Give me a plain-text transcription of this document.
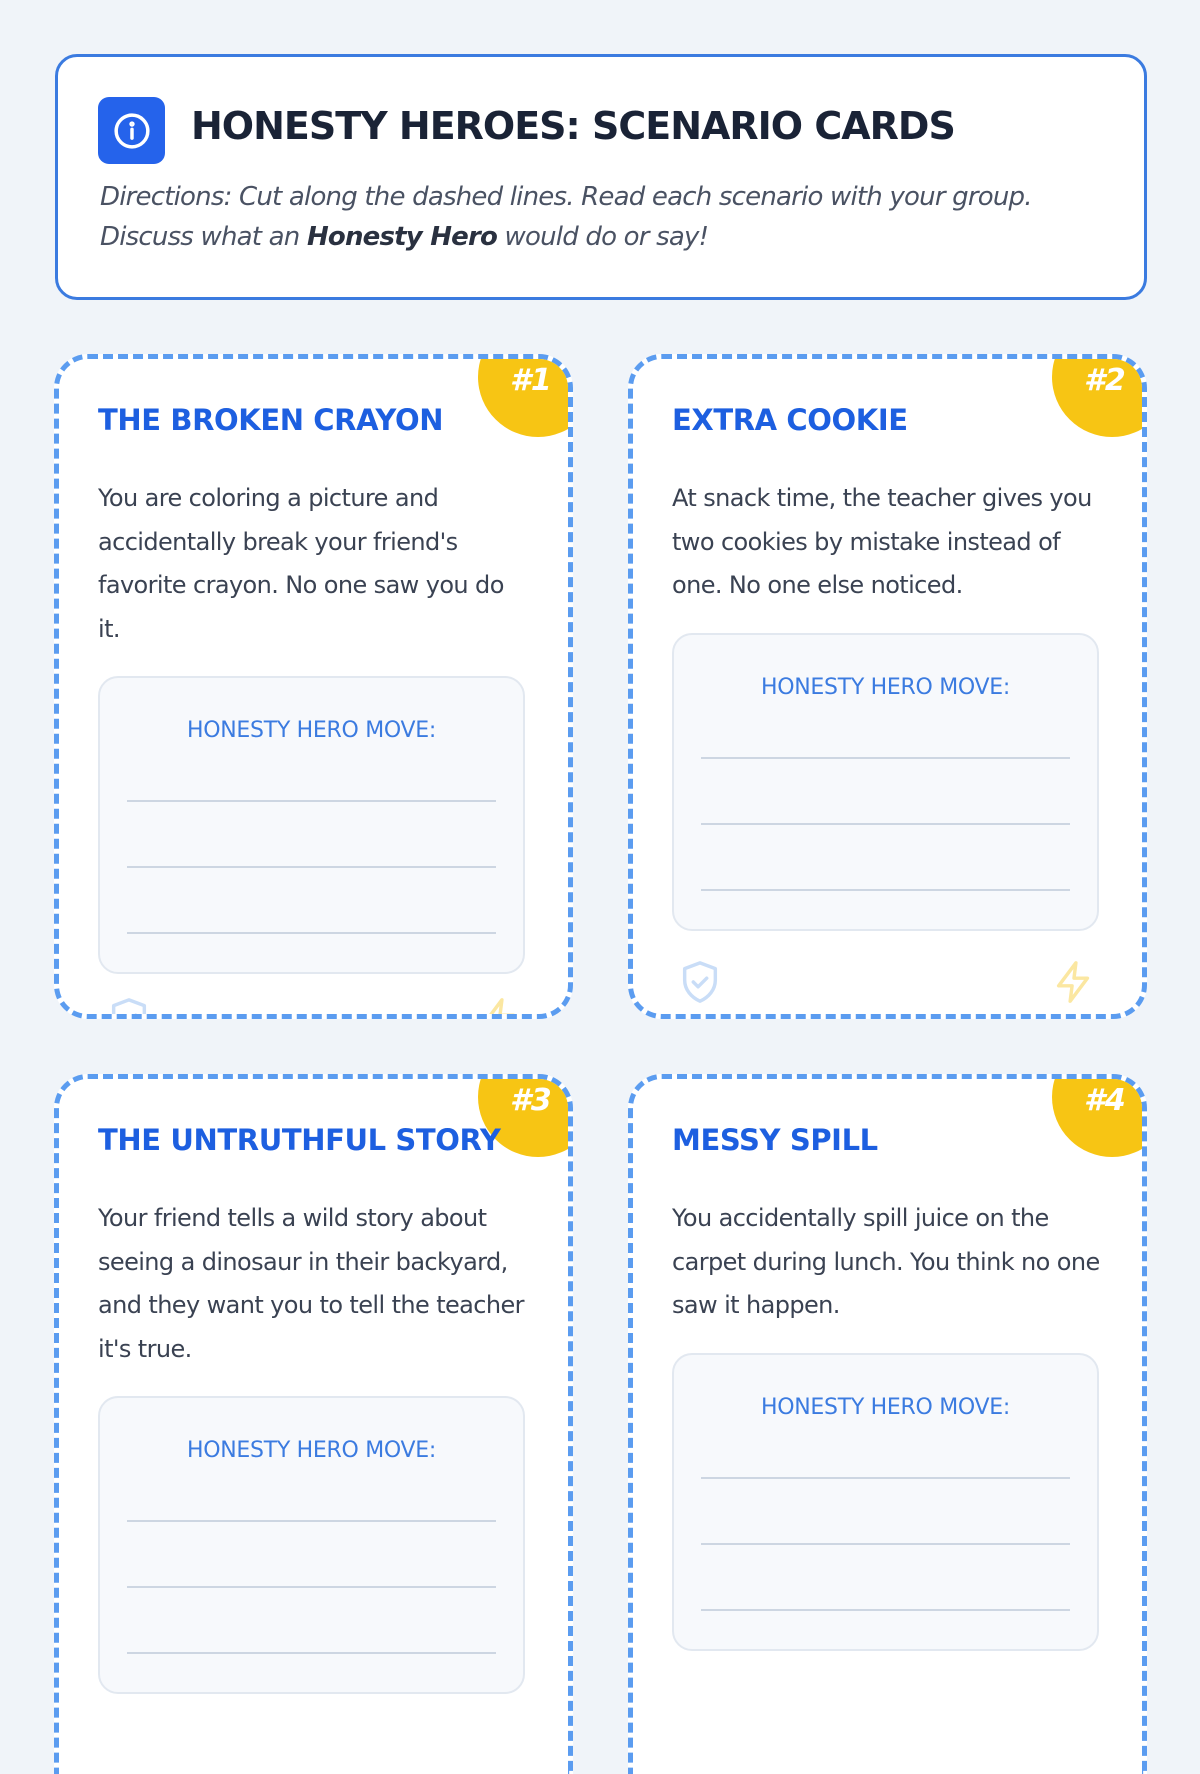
HONESTY HEROES: SCENARIO CARDS
Directions: Cut along the dashed lines. Read each scenario with your group. Discuss what an Honesty Hero would do or say!
#1
THE BROKEN CRAYON
You are coloring a picture and accidentally break your friend's favorite crayon. No one saw you do it.
HONESTY HERO MOVE:
#2
EXTRA COOKIE
At snack time, the teacher gives you two cookies by mistake instead of one. No one else noticed.
HONESTY HERO MOVE:
#3
THE UNTRUTHFUL STORY
Your friend tells a wild story about seeing a dinosaur in their backyard, and they want you to tell the teacher it's true.
HONESTY HERO MOVE:
#4
MESSY SPILL
You accidentally spill juice on the carpet during lunch. You think no one saw it happen.
HONESTY HERO MOVE:
